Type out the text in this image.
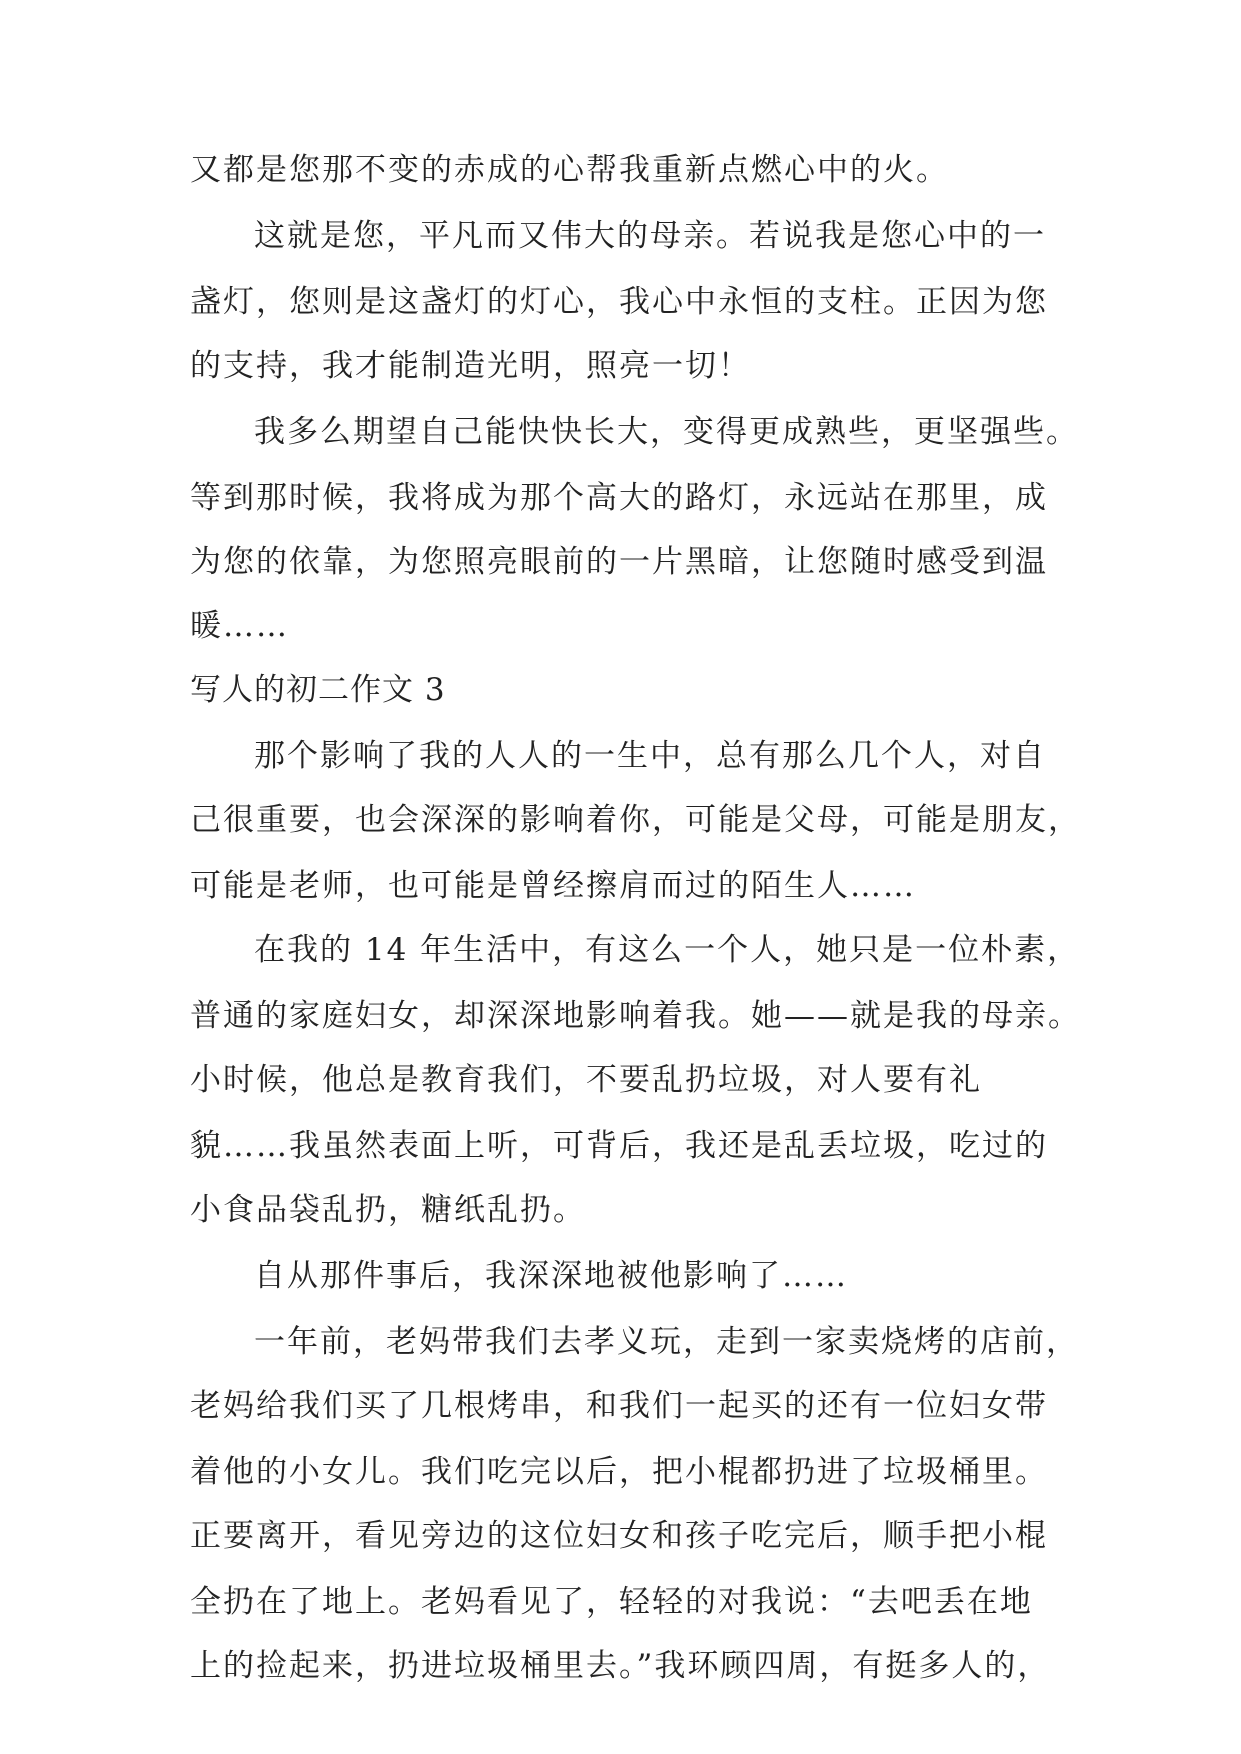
又都是您那不变的赤成的心帮我重新点燃心中的火。
这就是您，平凡而又伟大的母亲。若说我是您心中的一
盏灯，您则是这盏灯的灯心，我心中永恒的支柱。正因为您
的支持，我才能制造光明，照亮一切！
我多么期望自己能快快长大，变得更成熟些，更坚强些。
等到那时候，我将成为那个高大的路灯，永远站在那里，成
为您的依靠，为您照亮眼前的一片黑暗，让您随时感受到温
暖……
写人的初二作文 3
那个影响了我的人人的一生中，总有那么几个人，对自
己很重要，也会深深的影响着你，可能是父母，可能是朋友，
可能是老师，也可能是曾经擦肩而过的陌生人……
在我的 14 年生活中，有这么一个人，她只是一位朴素，
普通的家庭妇女，却深深地影响着我。她——就是我的母亲。
小时候，他总是教育我们，不要乱扔垃圾，对人要有礼
貌……我虽然表面上听，可背后，我还是乱丢垃圾，吃过的
小食品袋乱扔，糖纸乱扔。
自从那件事后，我深深地被他影响了……
一年前，老妈带我们去孝义玩，走到一家卖烧烤的店前，
老妈给我们买了几根烤串，和我们一起买的还有一位妇女带
着他的小女儿。我们吃完以后，把小棍都扔进了垃圾桶里。
正要离开，看见旁边的这位妇女和孩子吃完后，顺手把小棍
全扔在了地上。老妈看见了，轻轻的对我说：“去吧丢在地
上的捡起来，扔进垃圾桶里去。”我环顾四周，有挺多人的，
